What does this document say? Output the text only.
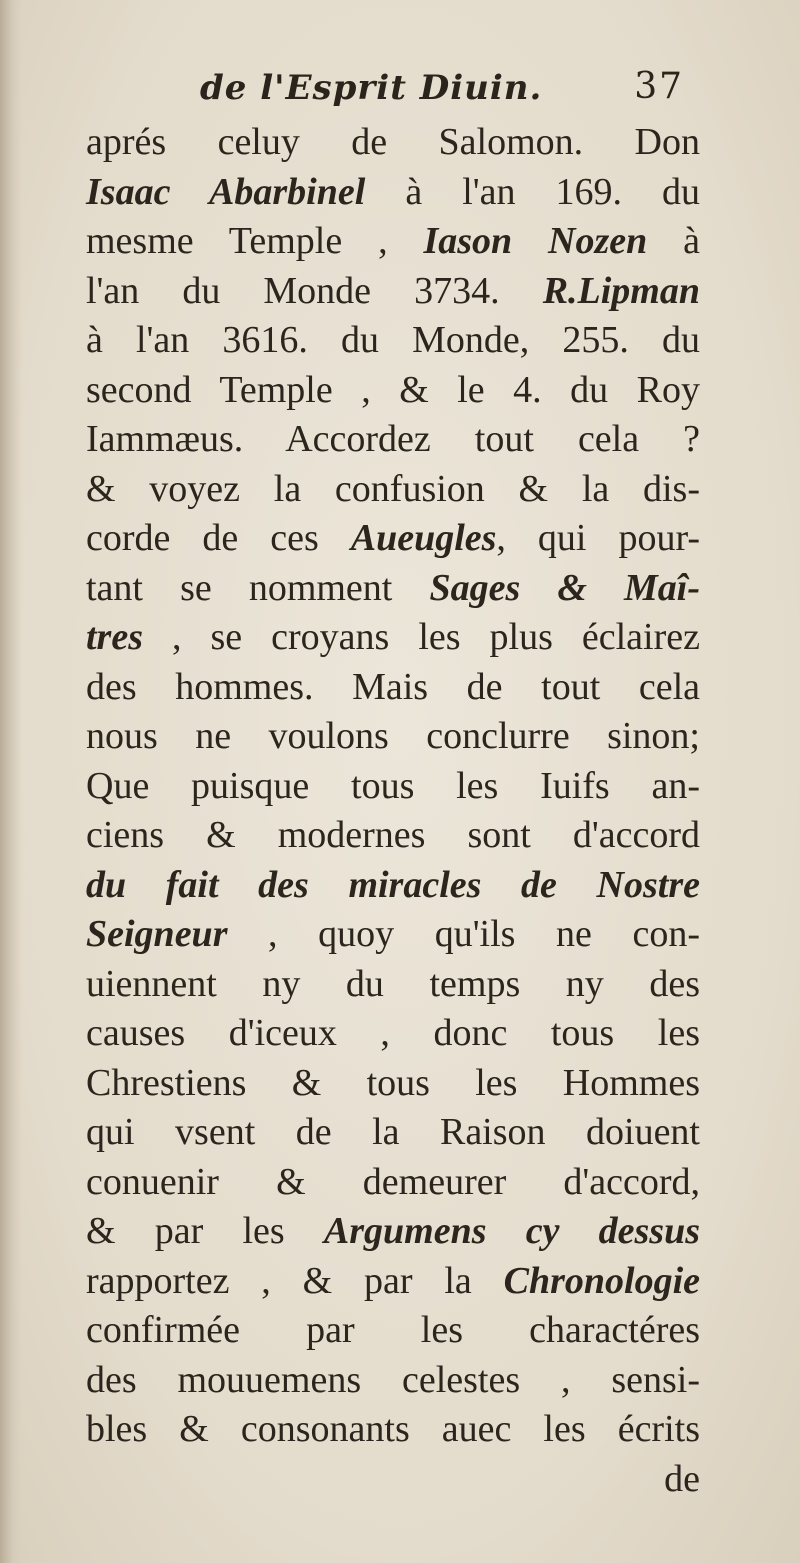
de l'Esprit Diuin.	37
aprés celuy de Salomon. Don
Isaac Abarbinel à l'an 169. du
mesme Temple , Iason Nozen à
l'an du Monde 3734. R.Lipman
à l'an 3616. du Monde, 255. du
second Temple , & le 4. du Roy
Iammæus. Accordez tout cela ?
& voyez la confusion & la dis-
corde de ces Aueugles, qui pour-
tant se nomment Sages & Maî-
tres , se croyans les plus éclairez
des hommes. Mais de tout cela
nous ne voulons conclurre sinon;
Que puisque tous les Iuifs an-
ciens & modernes sont d'accord
du fait des miracles de Nostre
Seigneur , quoy qu'ils ne con-
uiennent ny du temps ny des
causes d'iceux , donc tous les
Chrestiens & tous les Hommes
qui vsent de la Raison doiuent
conuenir & demeurer d'accord,
& par les Argumens cy dessus
rapportez , & par la Chronologie
confirmée par les charactéres
des mouuemens celestes , sensi-
bles & consonants auec les écrits
de
